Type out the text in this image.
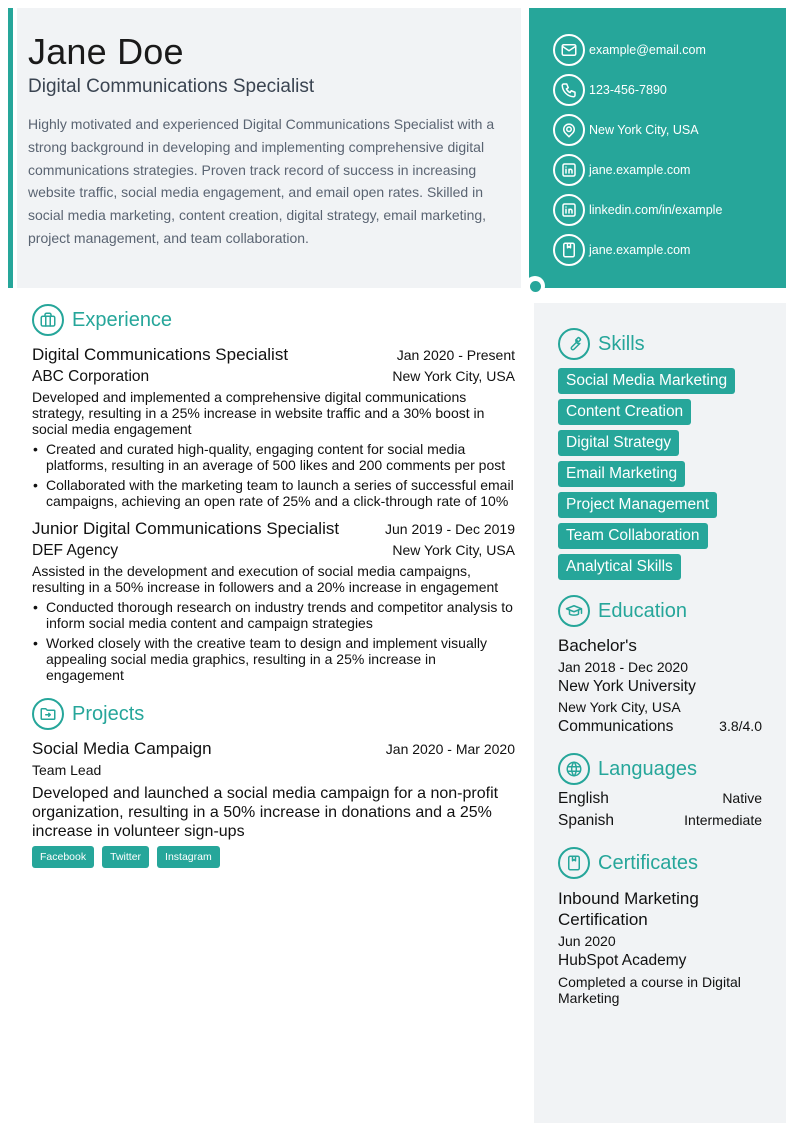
Jane Doe
Digital Communications Specialist

Highly motivated and experienced Digital Communications Specialist with a strong background in developing and implementing comprehensive digital communications strategies. Proven track record of success in increasing website traffic, social media engagement, and email open rates. Skilled in social media marketing, content creation, digital strategy, email marketing, project management, and team collaboration.

example@email.com
123-456-7890
New York City, USA
jane.example.com
linkedin.com/in/example
jane.example.com
Experience
Digital Communications Specialist	Jan 2020 - Present
ABC Corporation	New York City, USA

Developed and implemented a comprehensive digital communications strategy, resulting in a 25% increase in website traffic and a 30% boost in social media engagement

• Created and curated high-quality, engaging content for social media platforms, resulting in an average of 500 likes and 200 comments per post
• Collaborated with the marketing team to launch a series of successful email campaigns, achieving an open rate of 25% and a click-through rate of 10%
Junior Digital Communications Specialist	Jun 2019 - Dec 2019
DEF Agency	New York City, USA

Assisted in the development and execution of social media campaigns, resulting in a 50% increase in followers and a 20% increase in engagement

• Conducted thorough research on industry trends and competitor analysis to inform social media content and campaign strategies
• Worked closely with the creative team to design and implement visually appealing social media graphics, resulting in a 25% increase in engagement
Projects
Social Media Campaign	Jan 2020 - Mar 2020
Team Lead

Developed and launched a social media campaign for a non-profit organization, resulting in a 50% increase in donations and a 25% increase in volunteer sign-ups

Facebook	Twitter	Instagram
Skills
Social Media Marketing
Content Creation
Digital Strategy
Email Marketing
Project Management
Team Collaboration
Analytical Skills
Education
Bachelor's
Jan 2018 - Dec 2020
New York University
New York City, USA
Communications	3.8/4.0
Languages
English	Native
Spanish	Intermediate
Certificates
Inbound Marketing Certification
Jun 2020
HubSpot Academy
Completed a course in Digital Marketing
